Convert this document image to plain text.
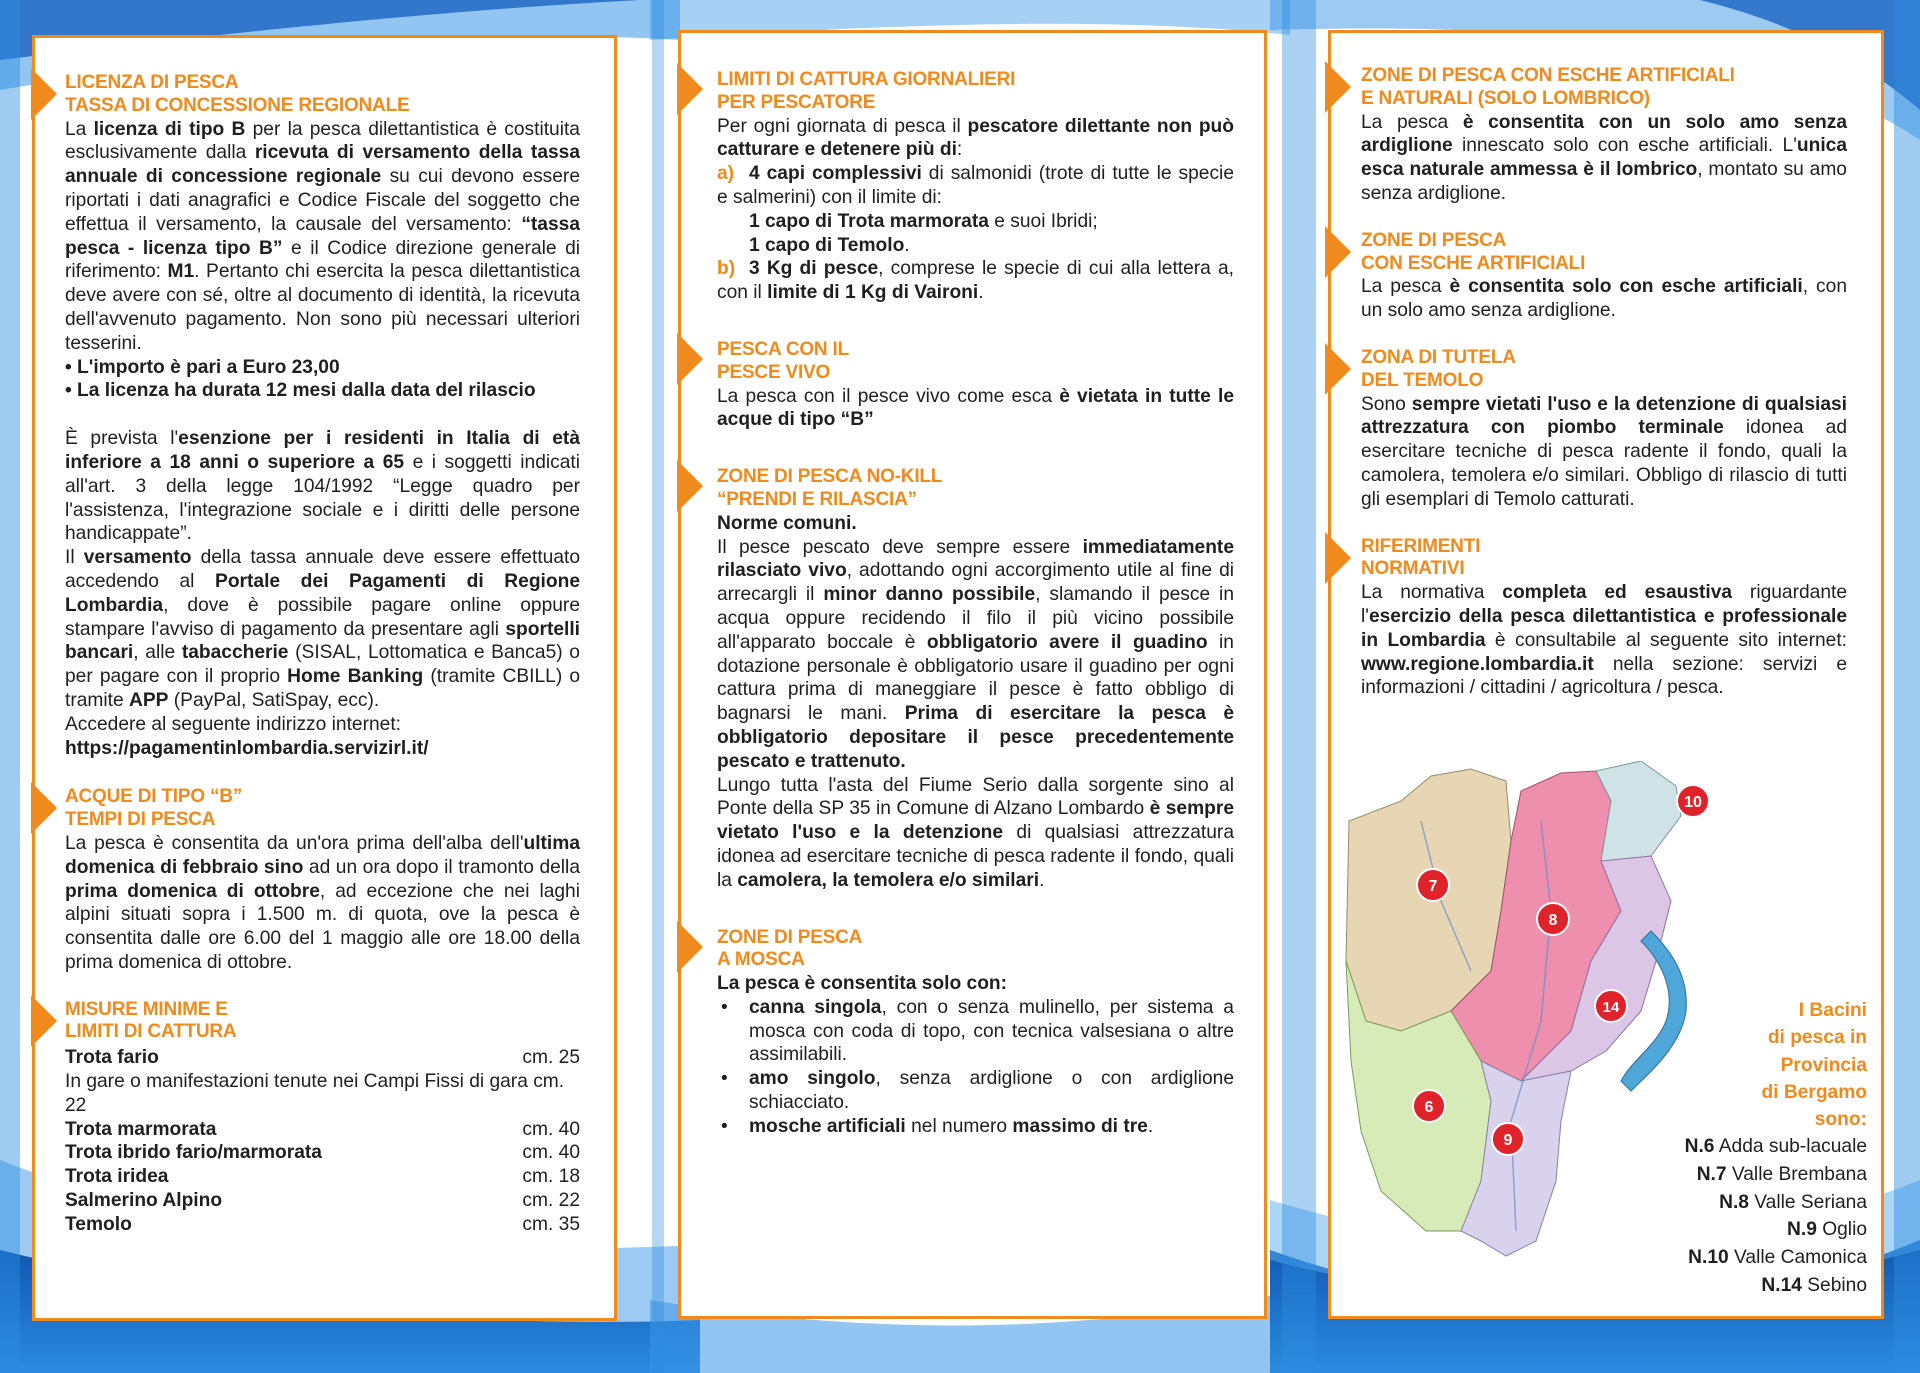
LICENZA DI PESCA
TASSA DI CONCESSIONE REGIONALE

La licenza di tipo B per la pesca dilettantistica è costituita esclusivamente dalla ricevuta di versamento della tassa annuale di concessione regionale su cui devono essere riportati i dati anagrafici e Codice Fiscale del soggetto che effettua il versamento, la causale del versamento: “tassa pesca - licenza tipo B” e il Codice direzione generale di riferimento: M1. Pertanto chi esercita la pesca dilettantistica deve avere con sé, oltre al documento di identità, la ricevuta dell'avvenuto pagamento. Non sono più necessari ulteriori tesserini.

• L'importo è pari a Euro 23,00

• La licenza ha durata 12 mesi dalla data del rilascio

È prevista l'esenzione per i residenti in Italia di età inferiore a 18 anni o superiore a 65 e i soggetti indicati all'art. 3 della legge 104/1992 “Legge quadro per l'assistenza, l'integrazione sociale e i diritti delle persone handicappate”.

Il versamento della tassa annuale deve essere effettuato accedendo al Portale dei Pagamenti di Regione Lombardia, dove è possibile pagare online oppure stampare l'avviso di pagamento da presentare agli sportelli bancari, alle tabaccherie (SISAL, Lottomatica e Banca5) o per pagare con il proprio Home Banking (tramite CBILL) o tramite APP (PayPal, SatiSpay, ecc).

Accedere al seguente indirizzo internet:

https://pagamentinlombardia.servizirl.it/

ACQUE DI TIPO “B”
TEMPI DI PESCA

La pesca è consentita da un'ora prima dell'alba dell'ultima domenica di febbraio sino ad un ora dopo il tramonto della prima domenica di ottobre, ad eccezione che nei laghi alpini situati sopra i 1.500 m. di quota, ove la pesca è consentita dalle ore 6.00 del 1 maggio alle ore 18.00 della prima domenica di ottobre.

MISURE MINIME E
LIMITI DI CATTURA
Trota fario	cm. 25
In gare o manifestazioni tenute nei Campi Fissi di gara cm. 22	
Trota marmorata	cm. 40
Trota ibrido fario/marmorata	cm. 40
Trota iridea	cm. 18
Salmerino Alpino	cm. 22
Temolo	cm. 35
LIMITI DI CATTURA GIORNALIERI
PER PESCATORE

Per ogni giornata di pesca il pescatore dilettante non può catturare e detenere più di:

a) 4 capi complessivi di salmonidi (trote di tutte le specie e salmerini) con il limite di:

1 capo di Trota marmorata e suoi Ibridi;

1 capo di Temolo.

b) 3 Kg di pesce, comprese le specie di cui alla lettera a, con il limite di 1 Kg di Vaironi.

PESCA CON IL
PESCE VIVO

La pesca con il pesce vivo come esca è vietata in tutte le acque di tipo “B”

ZONE DI PESCA NO-KILL
“PRENDI E RILASCIA”

Norme comuni.

Il pesce pescato deve sempre essere immediatamente rilasciato vivo, adottando ogni accorgimento utile al fine di arrecargli il minor danno possibile, slamando il pesce in acqua oppure recidendo il filo il più vicino possibile all'apparato boccale è obbligatorio avere il guadino in dotazione personale è obbligatorio usare il guadino per ogni cattura prima di maneggiare il pesce è fatto obbligo di bagnarsi le mani. Prima di esercitare la pesca è obbligatorio depositare il pesce precedentemente pescato e trattenuto.

Lungo tutta l'asta del Fiume Serio dalla sorgente sino al Ponte della SP 35 in Comune di Alzano Lombardo è sempre vietato l'uso e la detenzione di qualsiasi attrezzatura idonea ad esercitare tecniche di pesca radente il fondo, quali la camolera, la temolera e/o similari.

ZONE DI PESCA
A MOSCA

La pesca è consentita solo con:

• canna singola, con o senza mulinello, per sistema a mosca con coda di topo, con tecnica valsesiana o altre assimilabili.

• amo singolo, senza ardiglione o con ardiglione schiacciato.

• mosche artificiali nel numero massimo di tre.

ZONE DI PESCA CON ESCHE ARTIFICIALI
E NATURALI (SOLO LOMBRICO)

La pesca è consentita con un solo amo senza ardiglione innescato solo con esche artificiali. L'unica esca naturale ammessa è il lombrico, montato su amo senza ardiglione.

ZONE DI PESCA
CON ESCHE ARTIFICIALI

La pesca è consentita solo con esche artificiali, con un solo amo senza ardiglione.

ZONA DI TUTELA
DEL TEMOLO

Sono sempre vietati l'uso e la detenzione di qualsiasi attrezzatura con piombo terminale idonea ad esercitare tecniche di pesca radente il fondo, quali la camolera, temolera e/o similari. Obbligo di rilascio di tutti gli esemplari di Temolo catturati.

RIFERIMENTI
NORMATIVI

La normativa completa ed esaustiva riguardante l'esercizio della pesca dilettantistica e professionale in Lombardia è consultabile al seguente sito internet: www.regione.lombardia.it nella sezione: servizi e informazioni / cittadini / agricoltura / pesca.

10
7
8
14
6
9
I Bacini
di pesca in
Provincia
di Bergamo
sono:
N.6 Adda sub-lacuale
N.7 Valle Brembana
N.8 Valle Seriana
N.9 Oglio
N.10 Valle Camonica
N.14 Sebino
